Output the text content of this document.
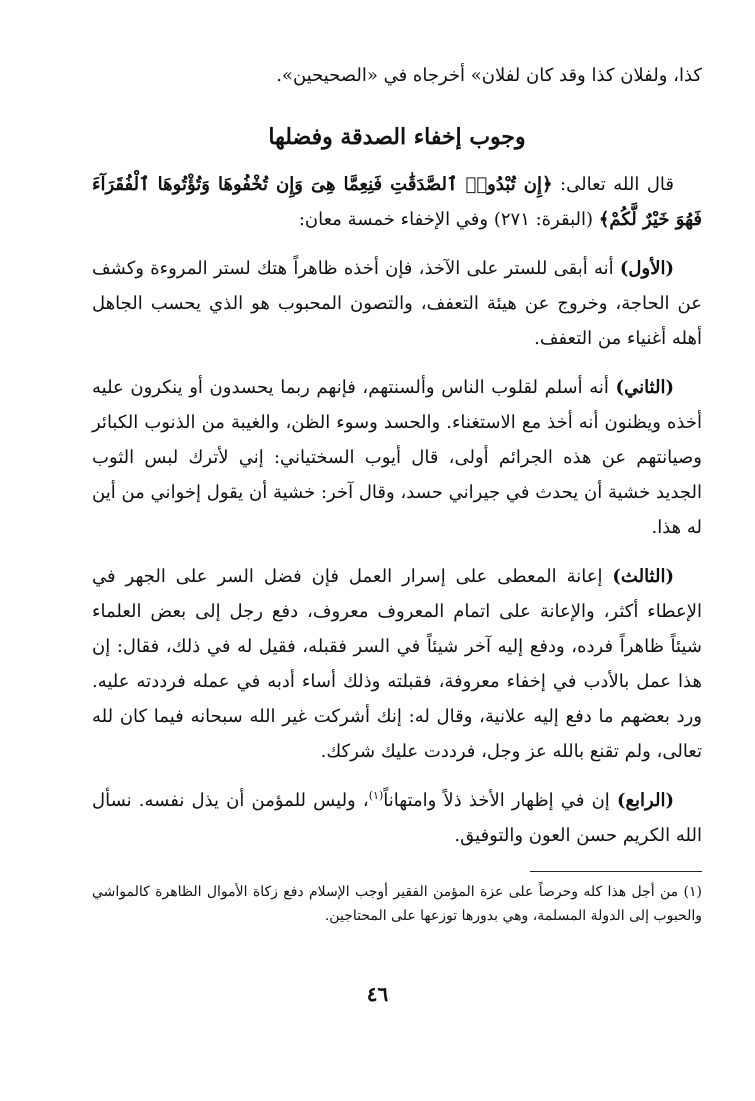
كذا، ولفلان كذا وقد كان لفلان» أخرجاه في «الصحيحين».
وجوب إخفاء الصدقة وفضلها

قال الله تعالى: ﴿إِن تُبْدُوا۟ ٱلصَّدَقَٰتِ فَنِعِمَّا هِىَ وَإِن تُخْفُوهَا وَتُؤْتُوهَا ٱلْفُقَرَآءَ فَهُوَ خَيْرٌ لَّكُمْ﴾ (البقرة: ٢٧١) وفي الإخفاء خمسة معان:

(الأول) أنه أبقى للستر على الآخذ، فإن أخذه ظاهراً هتك لستر المروءة وكشف عن الحاجة، وخروج عن هيئة التعفف، والتصون المحبوب هو الذي يحسب الجاهل أهله أغنياء من التعفف.

(الثاني) أنه أسلم لقلوب الناس وألسنتهم، فإنهم ربما يحسدون أو ينكرون عليه أخذه ويظنون أنه أخذ مع الاستغناء. والحسد وسوء الظن، والغيبة من الذنوب الكبائر وصيانتهم عن هذه الجرائم أولى، قال أيوب السختياني: إني لأترك لبس الثوب الجديد خشية أن يحدث في جيراني حسد، وقال آخر: خشية أن يقول إخواني من أين له هذا.

(الثالث) إعانة المعطى على إسرار العمل فإن فضل السر على الجهر في الإعطاء أكثر، والإعانة على اتمام المعروف معروف، دفع رجل إلى بعض العلماء شيئاً ظاهراً فرده، ودفع إليه آخر شيئاً في السر فقبله، فقيل له في ذلك، فقال: إن هذا عمل بالأدب في إخفاء معروفة، فقبلته وذلك أساء أدبه في عمله فرددته عليه. ورد بعضهم ما دفع إليه علانية، وقال له: إنك أشركت غير الله سبحانه فيما كان لله تعالى، ولم تقنع بالله عز وجل، فرددت عليك شركك.

(الرابع) إن في إظهار الأخذ ذلاً وامتهاناً$^{(١)}$، وليس للمؤمن أن يذل نفسه. نسأل الله الكريم حسن العون والتوفيق.

(١) من أجل هذا كله وحرصاً على عزة المؤمن الفقير أوجب الإسلام دفع زكاة الأموال الظاهرة كالمواشي والحبوب إلى الدولة المسلمة، وهي بدورها توزعها على المحتاجين.

٤٦
